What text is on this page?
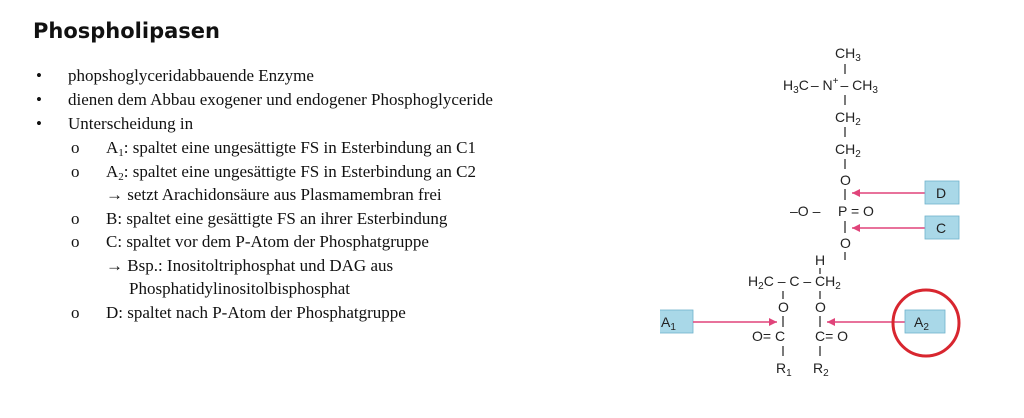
Phospholipasen
• phopshoglyceridabbauende Enzyme
• dienen dem Abbau exogener und endogener Phosphoglyceride
• Unterscheidung in
o $A_1$: spaltet eine ungesättigte FS in Esterbindung an C1
o $A_2$: spaltet eine ungesättigte FS in Esterbindung an C2
→ setzt Arachidonsäure aus Plasmamembran frei
o B: spaltet eine gesättigte FS an ihrer Esterbindung
o C: spaltet vor dem P-Atom der Phosphatgruppe
→ Bsp.: Inositoltriphosphat und DAG aus
Phosphatidylinositolbisphosphat
o D: spaltet nach P-Atom der Phosphatgruppe
$CH_3$
$H_3C - N^+ - CH_3$
$CH_2$
$CH_2$
O
–O – P = O
O
H
$H_2C$ – C – $CH_2$
O O
O= C C= O
$R_1$ $R_2$
D
C
$A_1$	$A_2$
